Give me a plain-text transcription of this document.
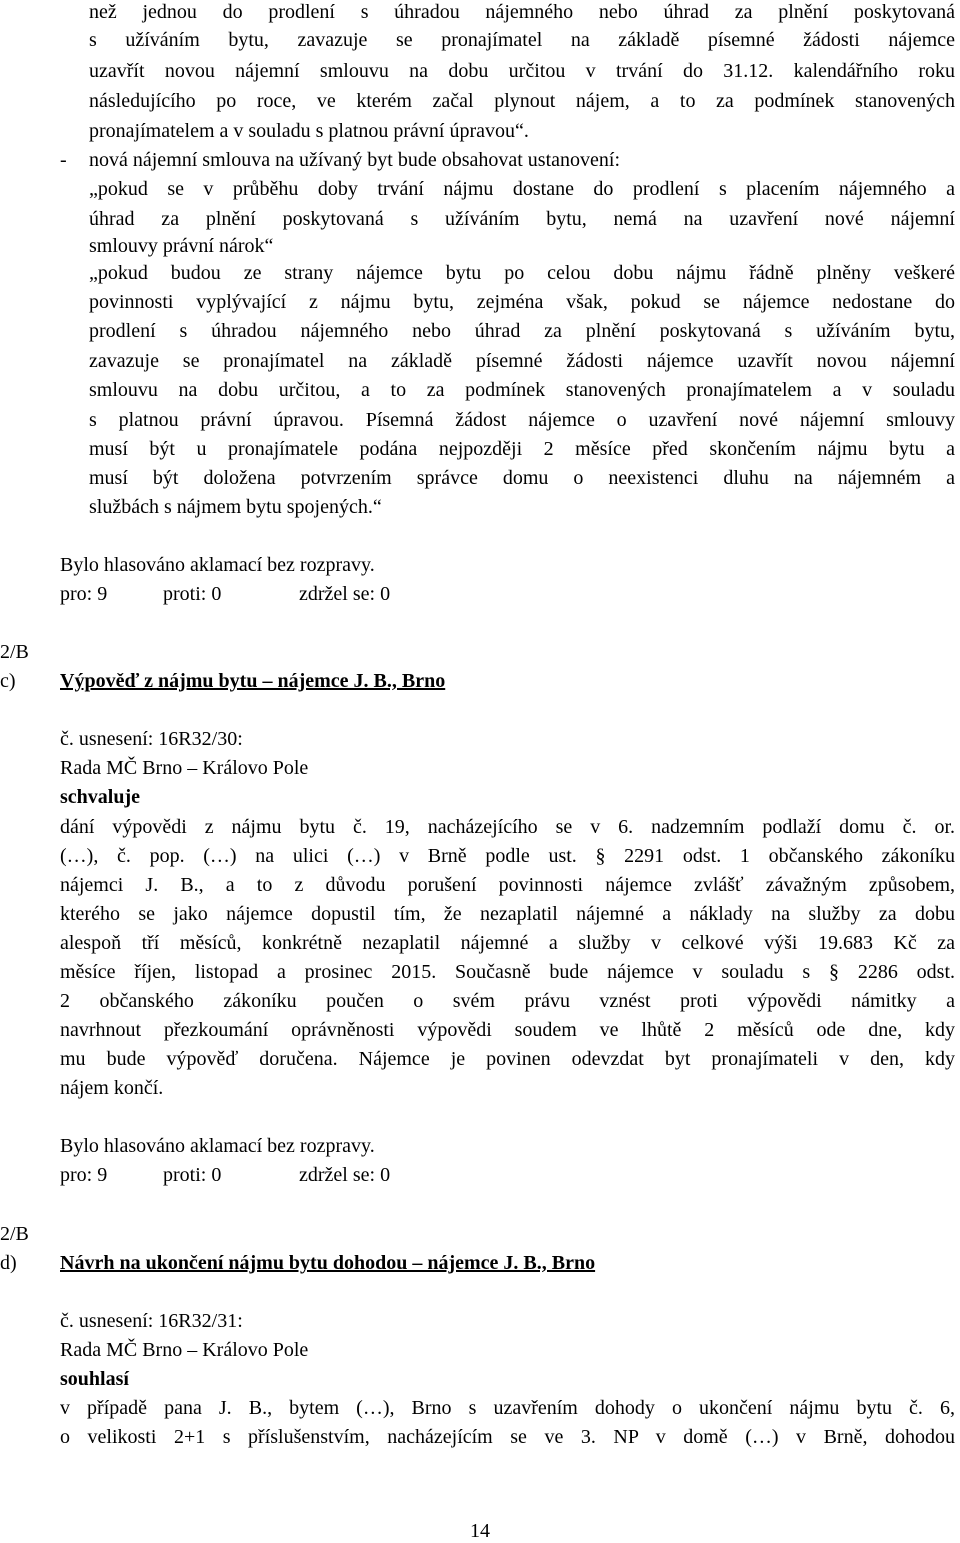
než jednou do prodlení s úhradou nájemného nebo úhrad za plnění poskytovaná
s užíváním bytu, zavazuje se pronajímatel na základě písemné žádosti nájemce
uzavřít novou nájemní smlouvu na dobu určitou v trvání do 31.12. kalendářního roku
následujícího po roce, ve kterém začal plynout nájem, a to za podmínek stanovených
pronajímatelem a v souladu s platnou právní úpravou“.
- nová nájemní smlouva na užívaný byt bude obsahovat ustanovení:
„pokud se v průběhu doby trvání nájmu dostane do prodlení s placením nájemného a
úhrad za plnění poskytovaná s užíváním bytu, nemá na uzavření nové nájemní
smlouvy právní nárok“
„pokud budou ze strany nájemce bytu po celou dobu nájmu řádně plněny veškeré
povinnosti vyplývající z nájmu bytu, zejména však, pokud se nájemce nedostane do
prodlení s úhradou nájemného nebo úhrad za plnění poskytovaná s užíváním bytu,
zavazuje se pronajímatel na základě písemné žádosti nájemce uzavřít novou nájemní
smlouvu na dobu určitou, a to za podmínek stanovených pronajímatelem a v souladu
s platnou právní úpravou. Písemná žádost nájemce o uzavření nové nájemní smlouvy
musí být u pronajímatele podána nejpozději 2 měsíce před skončením nájmu bytu a
musí být doložena potvrzením správce domu o neexistenci dluhu na nájemném a
službách s nájmem bytu spojených.“
Bylo hlasováno aklamací bez rozpravy.
pro: 9	proti: 0	zdržel se: 0
2/B
c) Výpověď z nájmu bytu – nájemce J. B., Brno
č. usnesení: 16R32/30:
Rada MČ Brno – Královo Pole
schvaluje
dání výpovědi z nájmu bytu č. 19, nacházejícího se v 6. nadzemním podlaží domu č. or.
(…), č. pop. (…) na ulici (…) v Brně podle ust. § 2291 odst. 1 občanského zákoníku
nájemci J. B., a to z důvodu porušení povinnosti nájemce zvlášť závažným způsobem,
kterého se jako nájemce dopustil tím, že nezaplatil nájemné a náklady na služby za dobu
alespoň tří měsíců, konkrétně nezaplatil nájemné a služby v celkové výši 19.683 Kč za
měsíce říjen, listopad a prosinec 2015. Současně bude nájemce v souladu s § 2286 odst.
2 občanského zákoníku poučen o svém právu vznést proti výpovědi námitky a
navrhnout přezkoumání oprávněnosti výpovědi soudem ve lhůtě 2 měsíců ode dne, kdy
mu bude výpověď doručena. Nájemce je povinen odevzdat byt pronajímateli v den, kdy
nájem končí.
Bylo hlasováno aklamací bez rozpravy.
pro: 9	proti: 0	zdržel se: 0
2/B
d) Návrh na ukončení nájmu bytu dohodou – nájemce J. B., Brno
č. usnesení: 16R32/31:
Rada MČ Brno – Královo Pole
souhlasí
v případě pana J. B., bytem (…), Brno s uzavřením dohody o ukončení nájmu bytu č. 6,
o velikosti 2+1 s příslušenstvím, nacházejícím se ve 3. NP v domě (…) v Brně, dohodou
14
